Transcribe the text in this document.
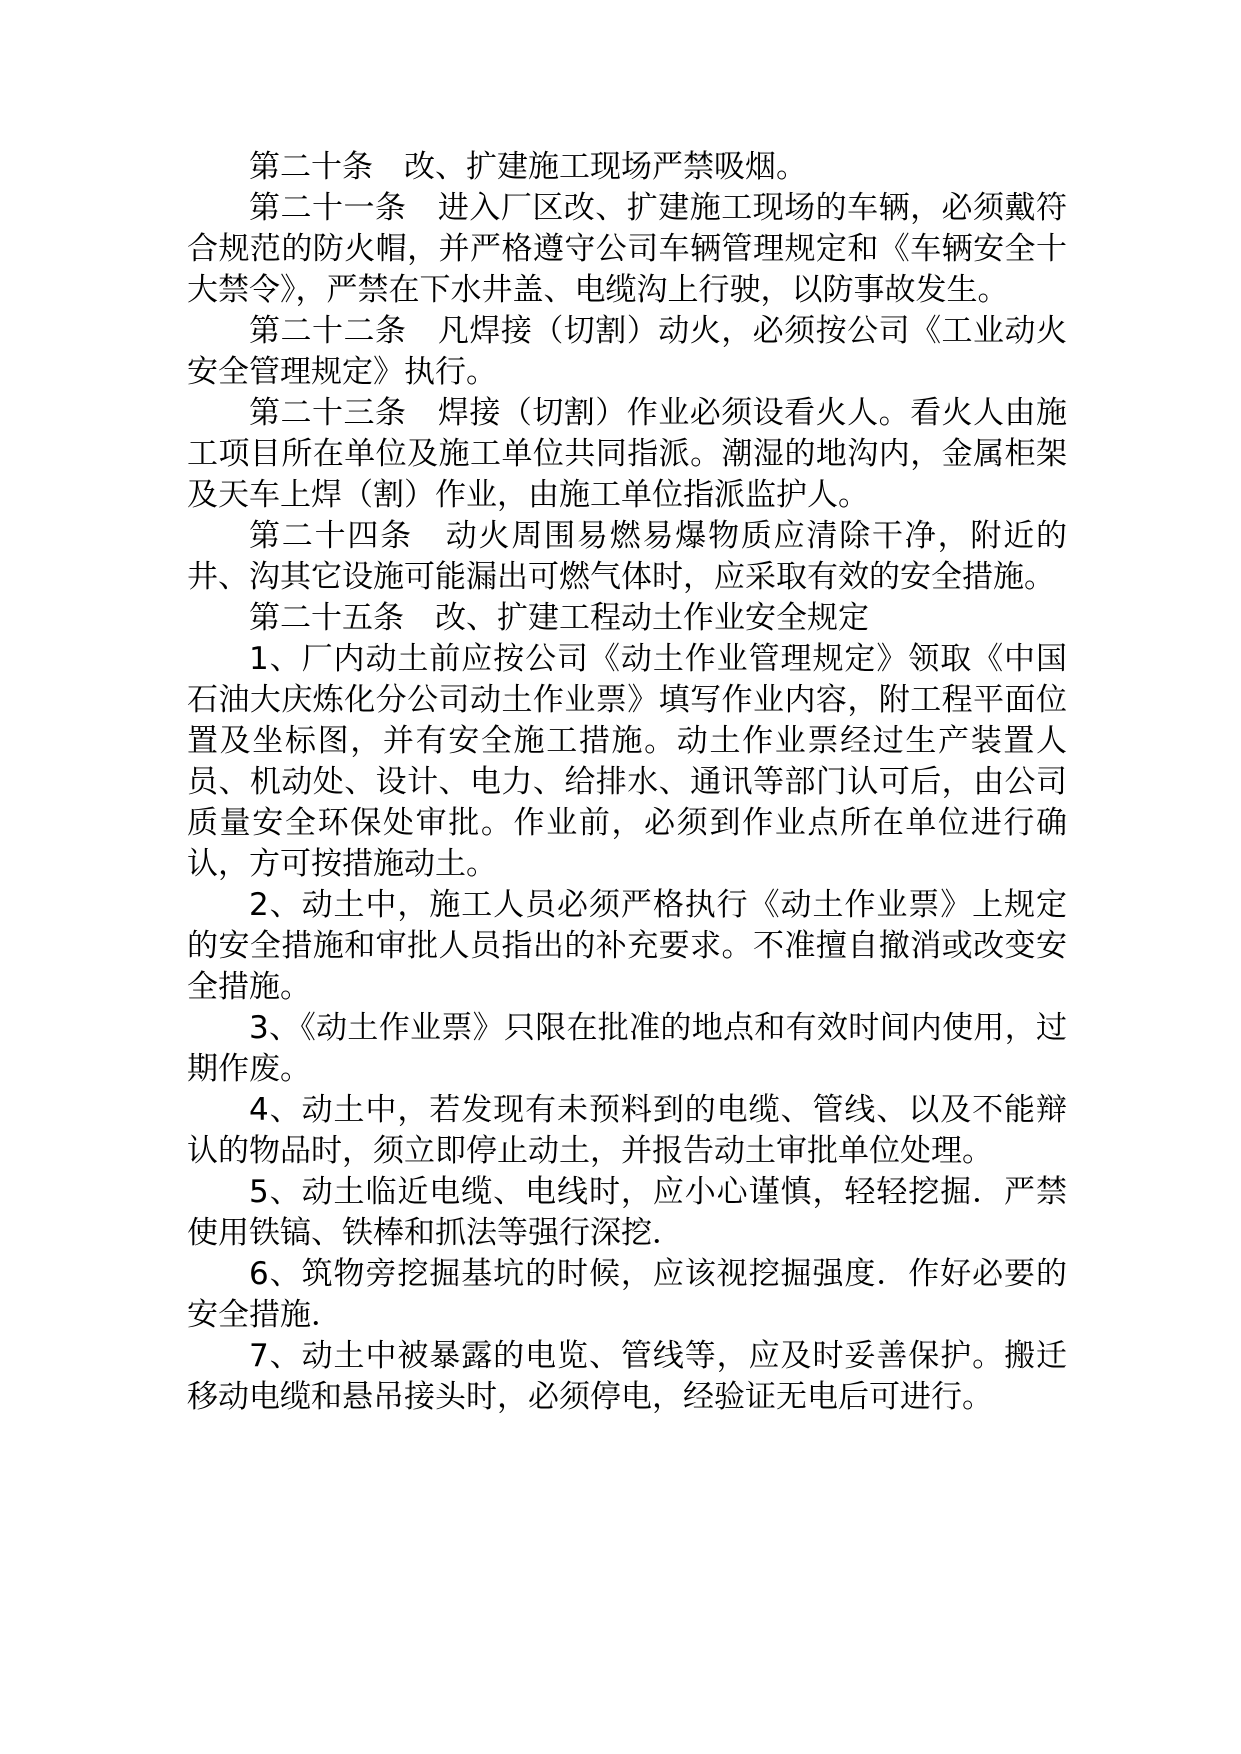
第二十条　改、扩建施工现场严禁吸烟。

第二十一条　进入厂区改、扩建施工现场的车辆，必须戴符合规范的防火帽，并严格遵守公司车辆管理规定和《车辆安全十大禁令》，严禁在下水井盖、电缆沟上行驶，以防事故发生。

第二十二条　凡焊接（切割）动火，必须按公司《工业动火安全管理规定》执行。

第二十三条　焊接（切割）作业必须设看火人。看火人由施工项目所在单位及施工单位共同指派。潮湿的地沟内，金属柜架及天车上焊（割）作业，由施工单位指派监护人。

第二十四条　动火周围易燃易爆物质应清除干净，附近的井、沟其它设施可能漏出可燃气体时，应采取有效的安全措施。

第二十五条　改、扩建工程动土作业安全规定

1、厂内动土前应按公司《动土作业管理规定》领取《中国石油大庆炼化分公司动土作业票》填写作业内容，附工程平面位置及坐标图，并有安全施工措施。动土作业票经过生产装置人员、机动处、设计、电力、给排水、通讯等部门认可后，由公司质量安全环保处审批。作业前，必须到作业点所在单位进行确认，方可按措施动土。

2、动土中，施工人员必须严格执行《动土作业票》上规定的安全措施和审批人员指出的补充要求。不准擅自撤消或改变安全措施。

3、《动土作业票》只限在批准的地点和有效时间内使用，过期作废。

4、动土中，若发现有未预料到的电缆、管线、以及不能辩认的物品时，须立即停止动土，并报告动土审批单位处理。

5、动土临近电缆、电线时，应小心谨慎，轻轻挖掘．严禁使用铁镐、铁棒和抓法等强行深挖．

6、筑物旁挖掘基坑的时候，应该视挖掘强度．作好必要的安全措施．

7、动土中被暴露的电览、管线等，应及时妥善保护。搬迁移动电缆和悬吊接头时，必须停电，经验证无电后可进行。
